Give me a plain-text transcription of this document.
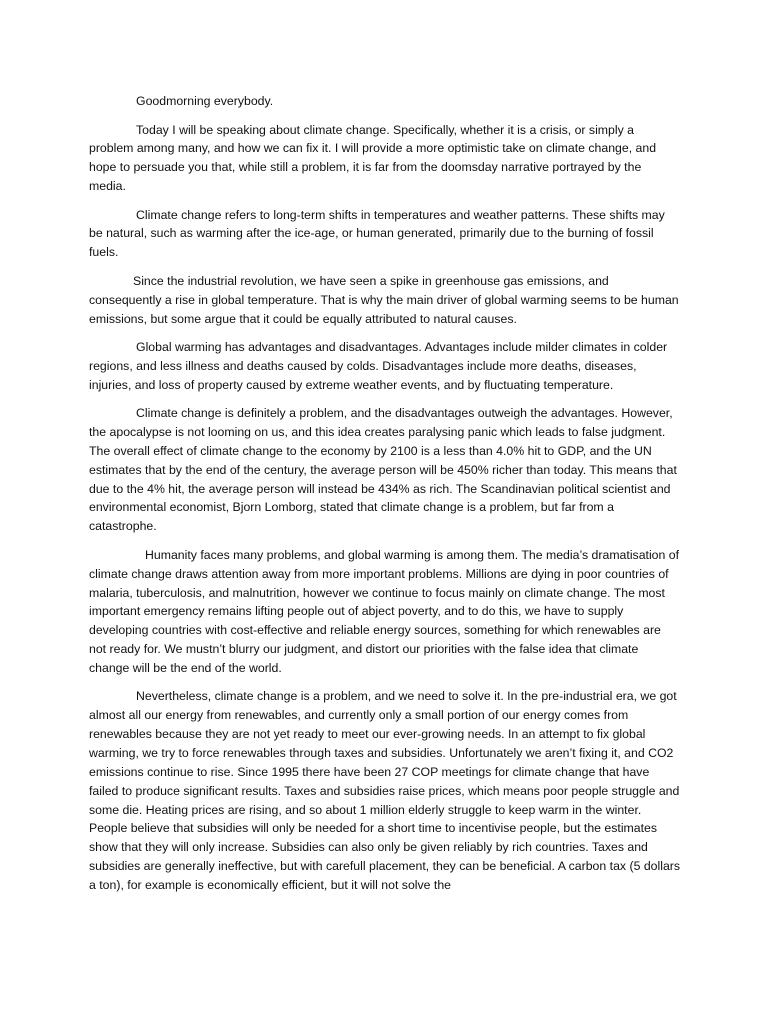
Goodmorning everybody.

Today I will be speaking about climate change. Specifically, whether it is a crisis, or simply a problem among many, and how we can fix it. I will provide a more optimistic take on climate change, and hope to persuade you that, while still a problem, it is far from the doomsday narrative portrayed by the media.

Climate change refers to long-term shifts in temperatures and weather patterns. These shifts may be natural, such as warming after the ice-age, or human generated, primarily due to the burning of fossil fuels.

Since the industrial revolution, we have seen a spike in greenhouse gas emissions, and consequently a rise in global temperature. That is why the main driver of global warming seems to be human emissions, but some argue that it could be equally attributed to natural causes.

Global warming has advantages and disadvantages. Advantages include milder climates in colder regions, and less illness and deaths caused by colds. Disadvantages include more deaths, diseases, injuries, and loss of property caused by extreme weather events, and by fluctuating temperature.

Climate change is definitely a problem, and the disadvantages outweigh the advantages. However, the apocalypse is not looming on us, and this idea creates paralysing panic which leads to false judgment. The overall effect of climate change to the economy by 2100 is a less than 4.0% hit to GDP, and the UN estimates that by the end of the century, the average person will be 450% richer than today. This means that due to the 4% hit, the average person will instead be 434% as rich. The Scandinavian political scientist and environmental economist, Bjorn Lomborg, stated that climate change is a problem, but far from a catastrophe.

Humanity faces many problems, and global warming is among them. The media’s dramatisation of climate change draws attention away from more important problems. Millions are dying in poor countries of malaria, tuberculosis, and malnutrition, however we continue to focus mainly on climate change. The most important emergency remains lifting people out of abject poverty, and to do this, we have to supply developing countries with cost-effective and reliable energy sources, something for which renewables are not ready for. We mustn’t blurry our judgment, and distort our priorities with the false idea that climate change will be the end of the world.

Nevertheless, climate change is a problem, and we need to solve it. In the pre-industrial era, we got almost all our energy from renewables, and currently only a small portion of our energy comes from renewables because they are not yet ready to meet our ever-growing needs. In an attempt to fix global warming, we try to force renewables through taxes and subsidies. Unfortunately we aren’t fixing it, and CO2 emissions continue to rise. Since 1995 there have been 27 COP meetings for climate change that have failed to produce significant results. Taxes and subsidies raise prices, which means poor people struggle and some die. Heating prices are rising, and so about 1 million elderly struggle to keep warm in the winter. People believe that subsidies will only be needed for a short time to incentivise people, but the estimates show that they will only increase. Subsidies can also only be given reliably by rich countries. Taxes and subsidies are generally ineffective, but with carefull placement, they can be beneficial. A carbon tax (5 dollars a ton), for example is economically efficient, but it will not solve the
